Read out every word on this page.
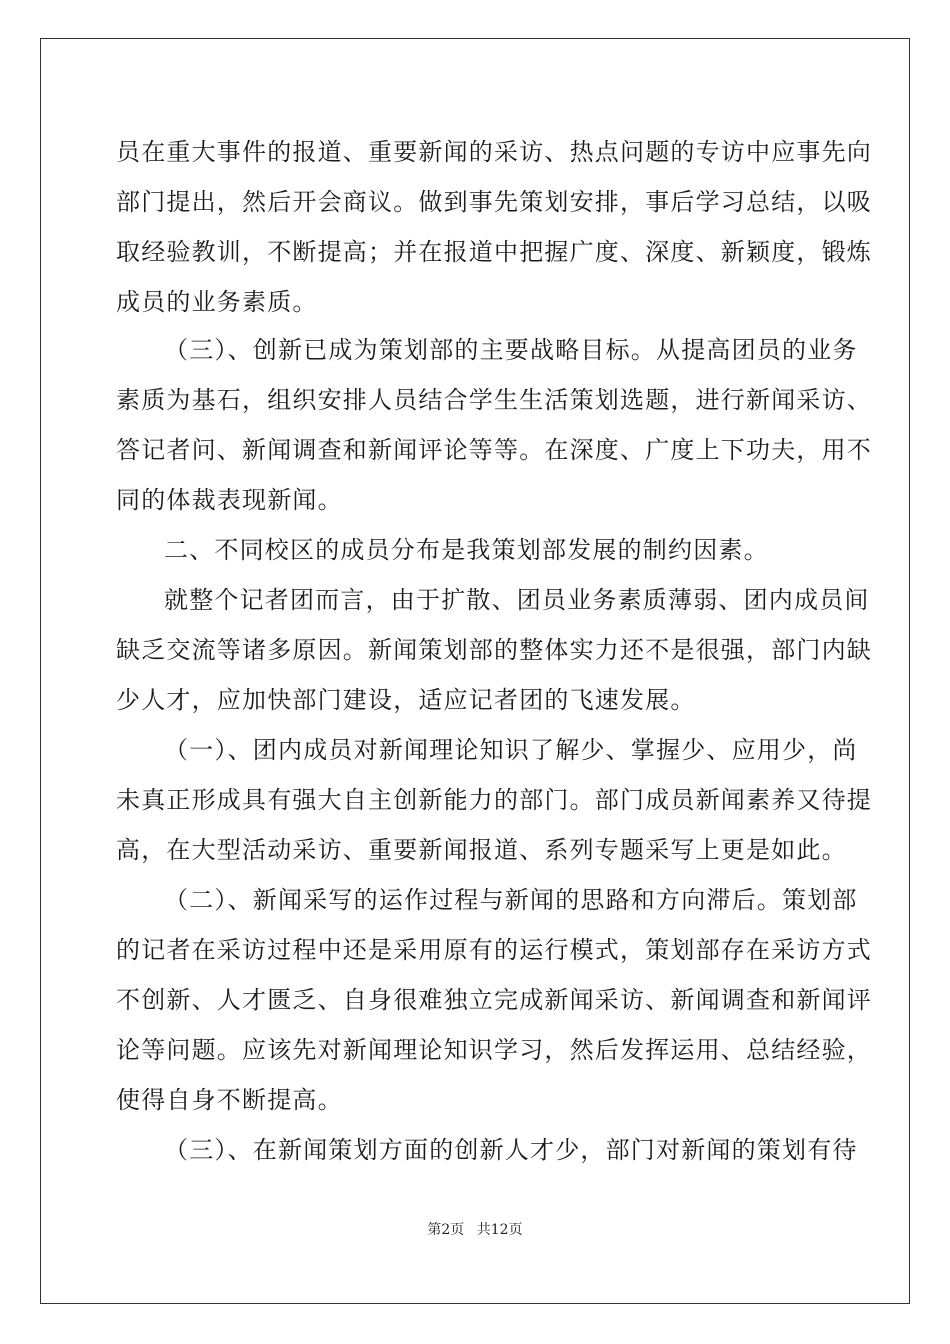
员在重大事件的报道、重要新闻的采访、热点问题的专访中应事先向
部门提出，然后开会商议。做到事先策划安排，事后学习总结，以吸
取经验教训，不断提高；并在报道中把握广度、深度、新颖度，锻炼
成员的业务素质。
（三）、创新已成为策划部的主要战略目标。从提高团员的业务
素质为基石，组织安排人员结合学生生活策划选题，进行新闻采访、
答记者问、新闻调查和新闻评论等等。在深度、广度上下功夫，用不
同的体裁表现新闻。
二、不同校区的成员分布是我策划部发展的制约因素。
就整个记者团而言，由于扩散、团员业务素质薄弱、团内成员间
缺乏交流等诸多原因。新闻策划部的整体实力还不是很强，部门内缺
少人才，应加快部门建设，适应记者团的飞速发展。
（一）、团内成员对新闻理论知识了解少、掌握少、应用少，尚
未真正形成具有强大自主创新能力的部门。部门成员新闻素养又待提
高，在大型活动采访、重要新闻报道、系列专题采写上更是如此。
（二）、新闻采写的运作过程与新闻的思路和方向滞后。策划部
的记者在采访过程中还是采用原有的运行模式，策划部存在采访方式
不创新、人才匮乏、自身很难独立完成新闻采访、新闻调查和新闻评
论等问题。应该先对新闻理论知识学习，然后发挥运用、总结经验，
使得自身不断提高。
（三）、在新闻策划方面的创新人才少，部门对新闻的策划有待
第2页 共12页
